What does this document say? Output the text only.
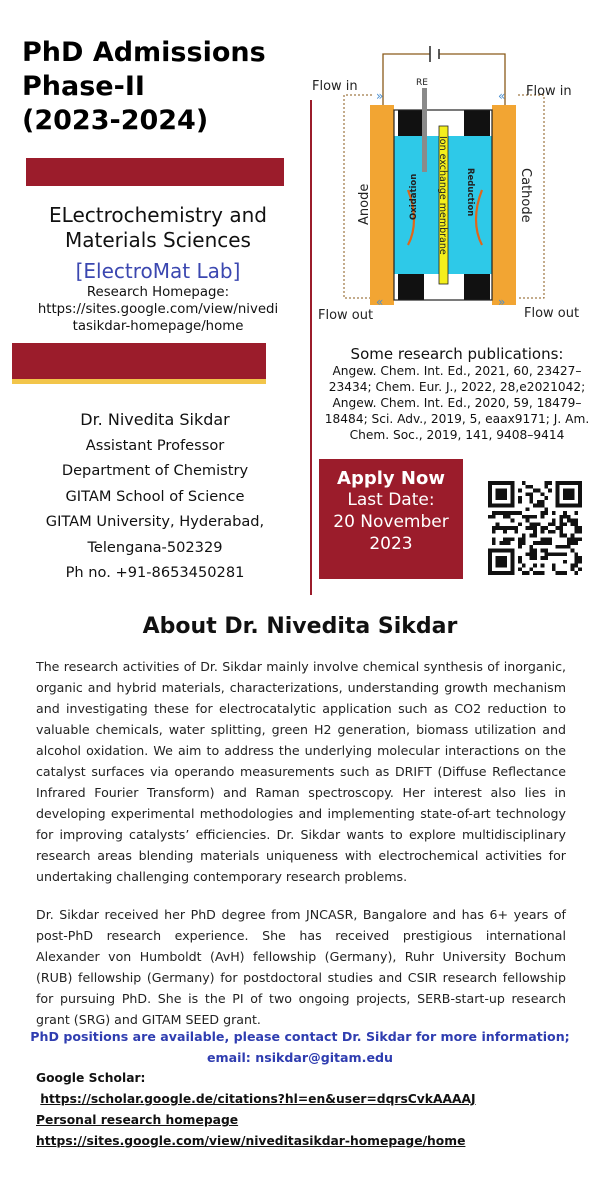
PhD Admissions
Phase-II
(2023-2024)
ELectrochemistry and
Materials Sciences
[ElectroMat Lab]
Research Homepage:
https://sites.google.com/view/nivedi
tasikdar-homepage/home
Dr. Nivedita Sikdar
Assistant Professor
Department of Chemistry
GITAM School of Science
GITAM University, Hyderabad,
Telengana-502329
Ph no. +91-8653450281
»	«
«	»
RE
Flow in	Flow in
Flow out	Flow out
Anode	Cathode
Oxidation	Reduction
Ion exchange membrane
Some research publications:
Angew. Chem. Int. Ed., 2021, 60, 23427–23434; Chem. Eur. J., 2022, 28,e2021042; Angew. Chem. Int. Ed., 2020, 59, 18479–18484; Sci. Adv., 2019, 5, eaax9171; J. Am. Chem. Soc., 2019, 141, 9408–9414
Apply Now
Last Date:
20 November
2023
About Dr. Nivedita Sikdar
The research activities of Dr. Sikdar mainly involve chemical synthesis of inorganic, organic and hybrid materials, characterizations, understanding growth mechanism and investigating these for electrocatalytic application such as CO2 reduction to valuable chemicals, water splitting, green H2 generation, biomass utilization and alcohol oxidation. We aim to address the underlying molecular interactions on the catalyst surfaces via operando measurements such as DRIFT (Diffuse Reflectance Infrared Fourier Transform) and Raman spectroscopy. Her interest also lies in developing experimental methodologies and implementing state-of-art technology for improving catalysts’ efficiencies. Dr. Sikdar wants to explore multidisciplinary research areas blending materials uniqueness with electrochemical activities for undertaking challenging contemporary research problems.
Dr. Sikdar received her PhD degree from JNCASR, Bangalore and has 6+ years of post-PhD research experience. She has received prestigious international Alexander von Humboldt (AvH) fellowship (Germany), Ruhr University Bochum (RUB) fellowship (Germany) for postdoctoral studies and CSIR research fellowship for pursuing PhD. She is the PI of two ongoing projects, SERB-start-up research grant (SRG) and GITAM SEED grant.
PhD positions are available, please contact Dr. Sikdar for more information;
email: nsikdar@gitam.edu
Google Scholar:
https://scholar.google.de/citations?hl=en&user=dqrsCvkAAAAJ
Personal research homepage
https://sites.google.com/view/niveditasikdar-homepage/home
